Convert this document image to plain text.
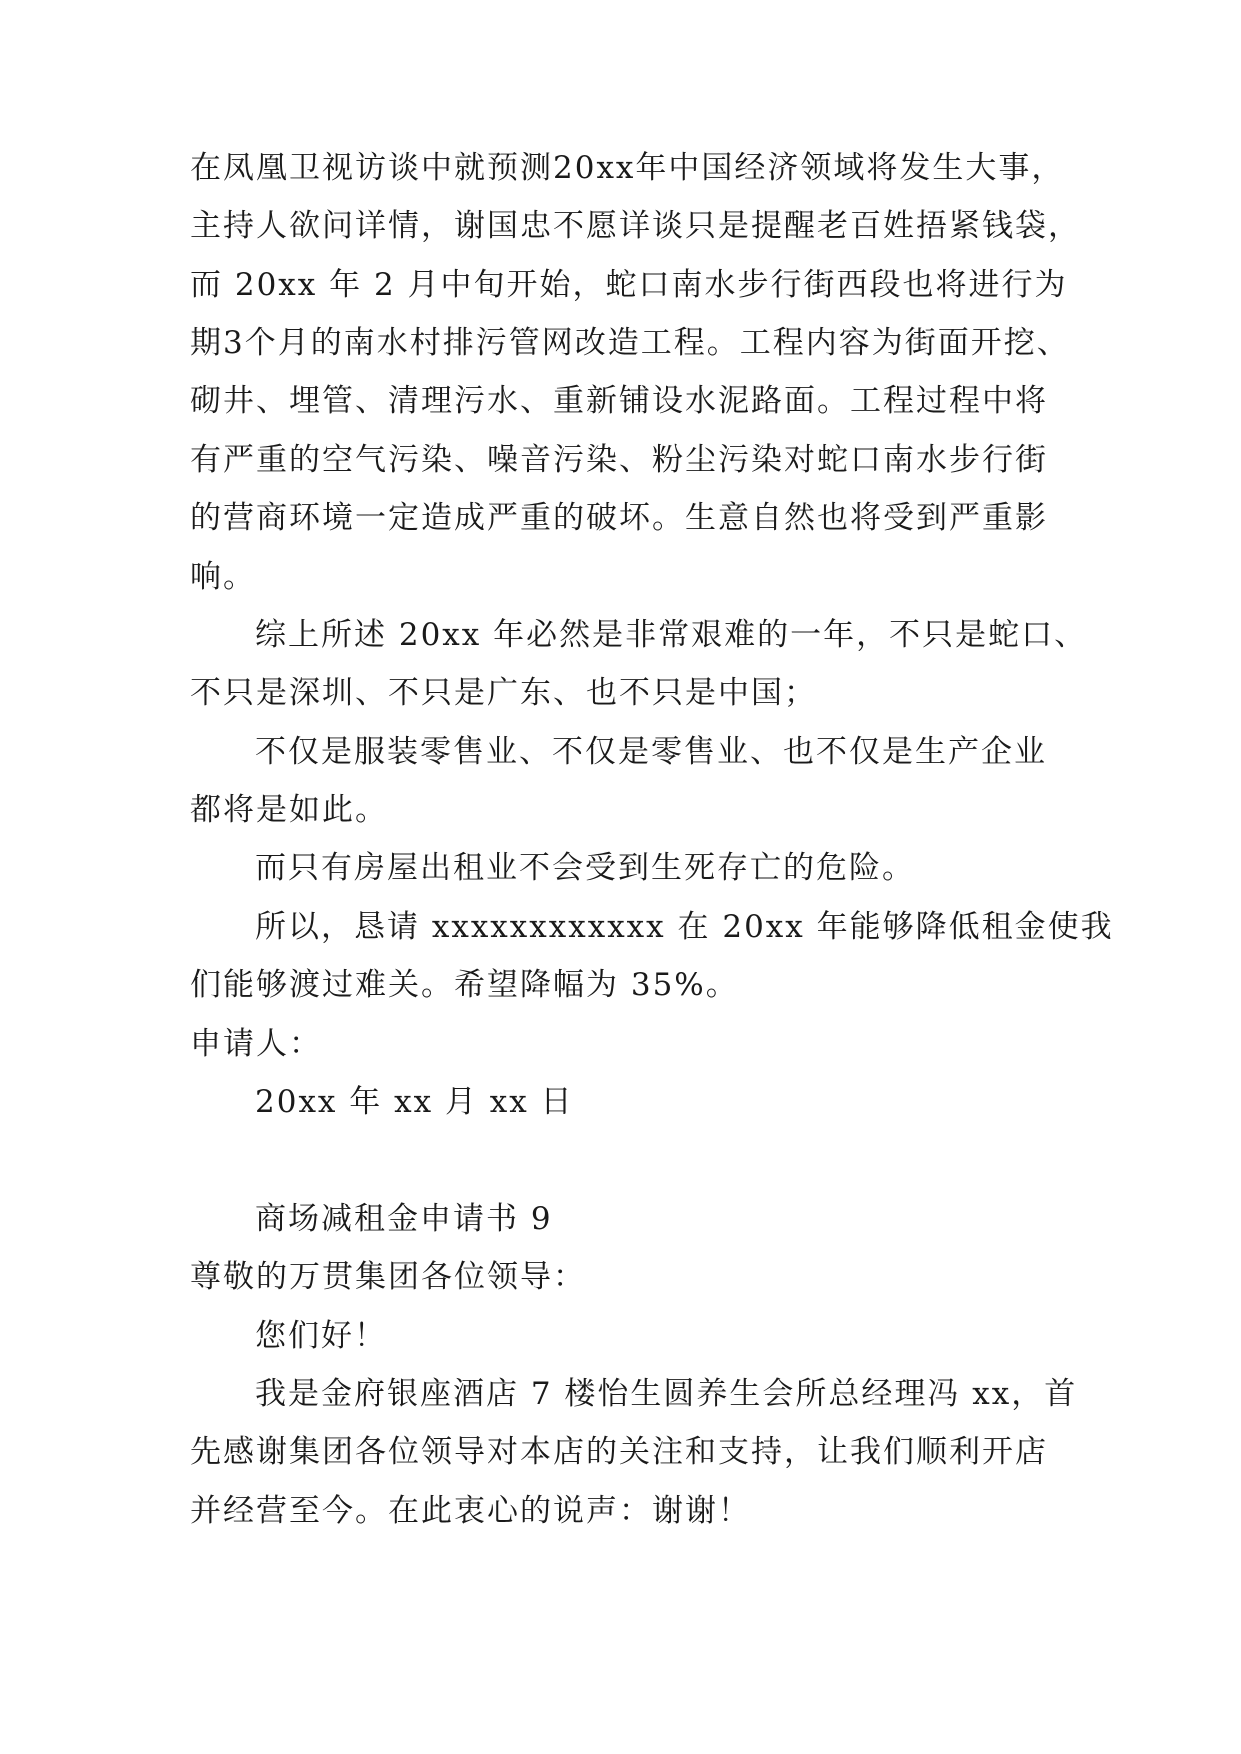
在凤凰卫视访谈中就预测20xx年中国经济领域将发生大事，
主持人欲问详情，谢国忠不愿详谈只是提醒老百姓捂紧钱袋，
而 20xx 年 2 月中旬开始，蛇口南水步行街西段也将进行为
期3个月的南水村排污管网改造工程。工程内容为街面开挖、
砌井、埋管、清理污水、重新铺设水泥路面。工程过程中将
有严重的空气污染、噪音污染、粉尘污染对蛇口南水步行街
的营商环境一定造成严重的破坏。生意自然也将受到严重影
响。
综上所述 20xx 年必然是非常艰难的一年，不只是蛇口、
不只是深圳、不只是广东、也不只是中国；
不仅是服装零售业、不仅是零售业、也不仅是生产企业
都将是如此。
而只有房屋出租业不会受到生死存亡的危险。
所以，恳请 xxxxxxxxxxxx 在 20xx 年能够降低租金使我
们能够渡过难关。希望降幅为 35%。
申请人：
20xx 年 xx 月 xx 日
商场减租金申请书 9
尊敬的万贯集团各位领导：
您们好！
我是金府银座酒店 7 楼怡生圆养生会所总经理冯 xx，首
先感谢集团各位领导对本店的关注和支持，让我们顺利开店
并经营至今。在此衷心的说声：谢谢！
